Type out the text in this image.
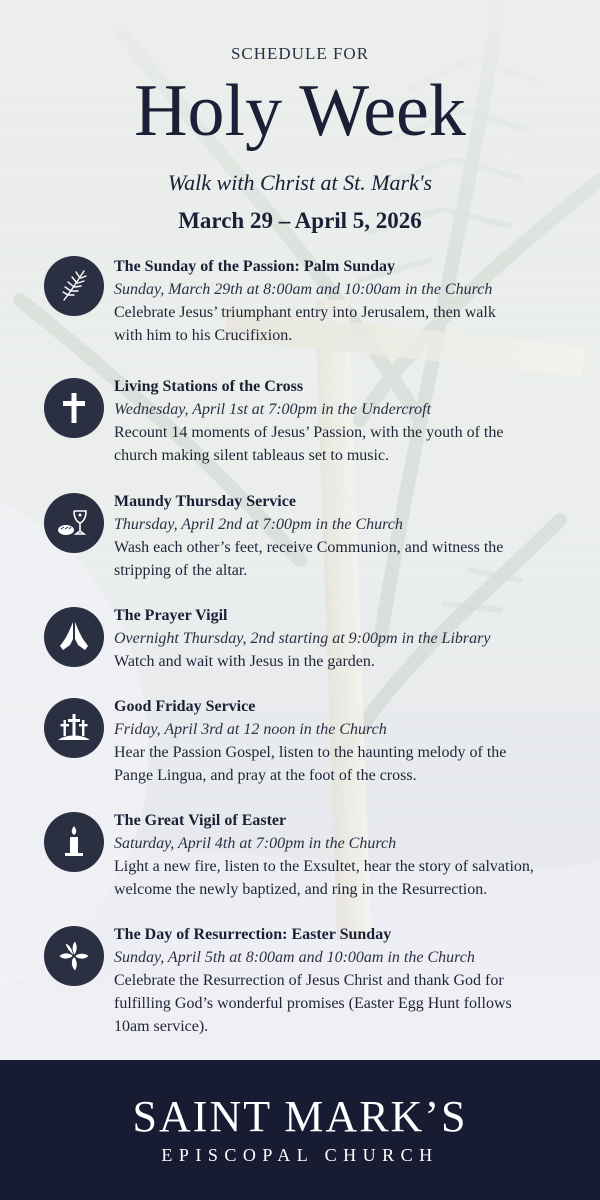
SCHEDULE FOR
Holy Week
Walk with Christ at St. Mark's
March 29 – April 5, 2026
The Sunday of the Passion: Palm Sunday
Sunday, March 29th at 8:00am and 10:00am in the Church
Celebrate Jesus’ triumphant entry into Jerusalem, then walk
with him to his Crucifixion.
Living Stations of the Cross
Wednesday, April 1st at 7:00pm in the Undercroft
Recount 14 moments of Jesus’ Passion, with the youth of the
church making silent tableaus set to music.
Maundy Thursday Service
Thursday, April 2nd at 7:00pm in the Church
Wash each other’s feet, receive Communion, and witness the
stripping of the altar.
The Prayer Vigil
Overnight Thursday, 2nd starting at 9:00pm in the Library
Watch and wait with Jesus in the garden.
Good Friday Service
Friday, April 3rd at 12 noon in the Church
Hear the Passion Gospel, listen to the haunting melody of the
Pange Lingua, and pray at the foot of the cross.
The Great Vigil of Easter
Saturday, April 4th at 7:00pm in the Church
Light a new fire, listen to the Exsultet, hear the story of salvation,
welcome the newly baptized, and ring in the Resurrection.
The Day of Resurrection: Easter Sunday
Sunday, April 5th at 8:00am and 10:00am in the Church
Celebrate the Resurrection of Jesus Christ and thank God for
fulfilling God’s wonderful promises (Easter Egg Hunt follows
10am service).
SAINT MARK’S
EPISCOPAL CHURCH
